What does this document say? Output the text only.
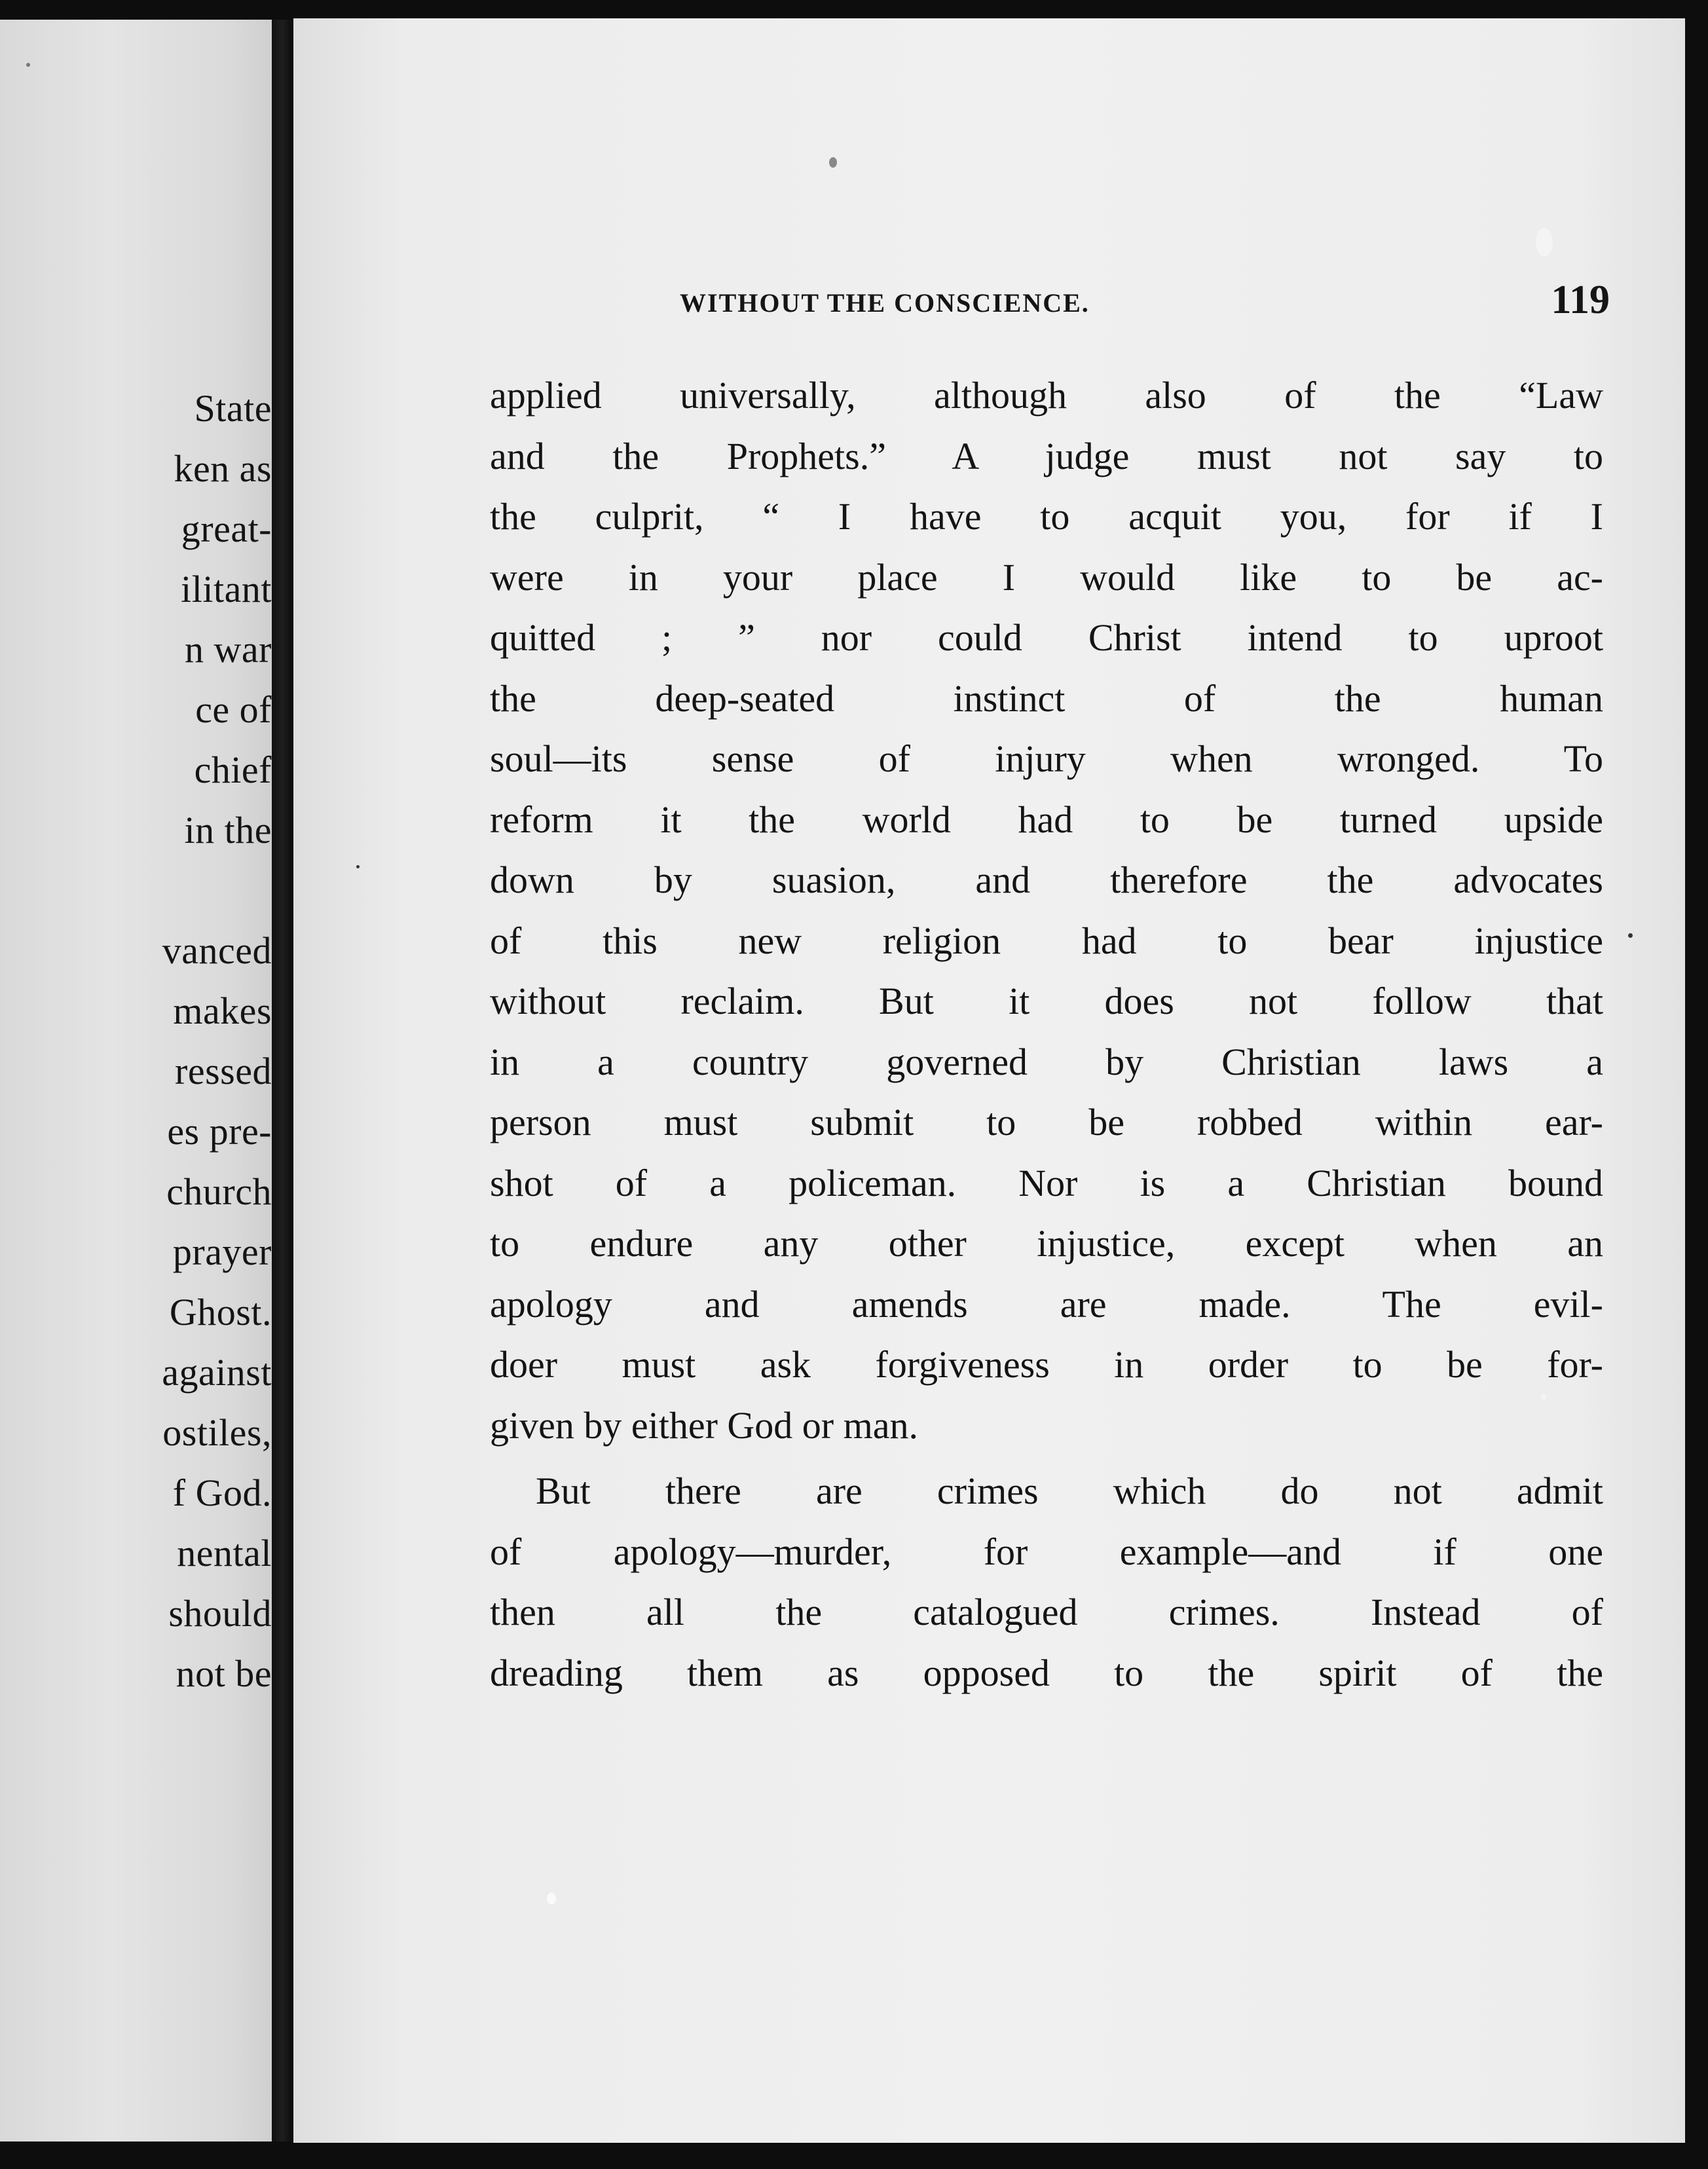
State
ken as
great-
ilitant
n war
ce of
chief
in the
vanced
makes
ressed
es pre-
church
prayer
Ghost.
against
ostiles,
f God.
nental
should
not be
WITHOUT THE CONSCIENCE.	119
applied universally, although also of the “Law
and the Prophets.” A judge must not say to
the culprit, “ I have to acquit you, for if I
were in your place I would like to be ac-
quitted ; ” nor could Christ intend to uproot
the deep-seated instinct of the human
soul—its sense of injury when wronged. To
reform it the world had to be turned upside
down by suasion, and therefore the advocates
of this new religion had to bear injustice
without reclaim. But it does not follow that
in a country governed by Christian laws a
person must submit to be robbed within ear-
shot of a policeman. Nor is a Christian bound
to endure any other injustice, except when an
apology and amends are made. The evil-
doer must ask forgiveness in order to be for-
given by either God or man.
But there are crimes which do not admit
of apology—murder, for example—and if one
then all the catalogued crimes. Instead of
dreading them as opposed to the spirit of the
